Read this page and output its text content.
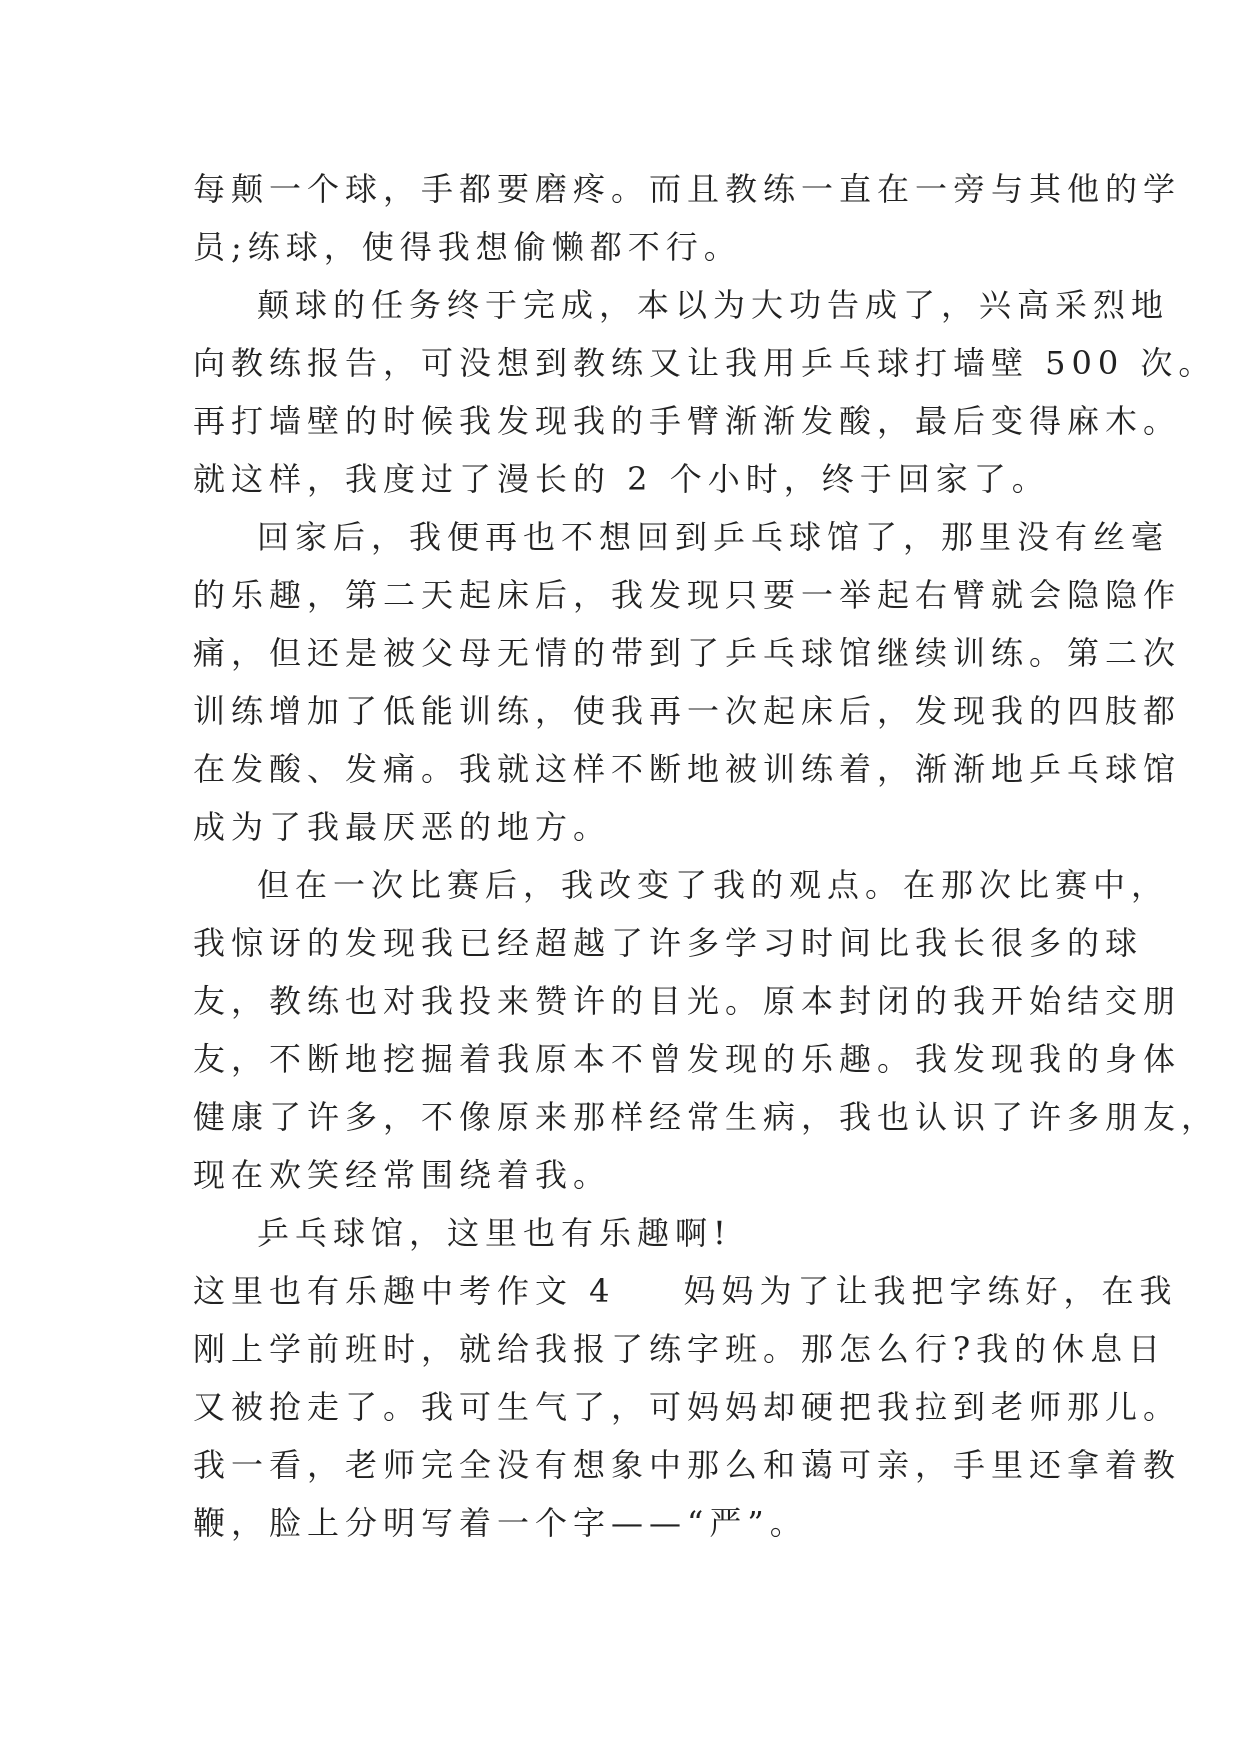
每颠一个球，手都要磨疼。而且教练一直在一旁与其他的学
员;练球，使得我想偷懒都不行。
颠球的任务终于完成，本以为大功告成了，兴高采烈地
向教练报告，可没想到教练又让我用乒乓球打墙壁 500 次。
再打墙壁的时候我发现我的手臂渐渐发酸，最后变得麻木。
就这样，我度过了漫长的 2 个小时，终于回家了。
回家后，我便再也不想回到乒乓球馆了，那里没有丝毫
的乐趣，第二天起床后，我发现只要一举起右臂就会隐隐作
痛，但还是被父母无情的带到了乒乓球馆继续训练。第二次
训练增加了低能训练，使我再一次起床后，发现我的四肢都
在发酸、发痛。我就这样不断地被训练着，渐渐地乒乓球馆
成为了我最厌恶的地方。
但在一次比赛后，我改变了我的观点。在那次比赛中，
我惊讶的发现我已经超越了许多学习时间比我长很多的球
友，教练也对我投来赞许的目光。原本封闭的我开始结交朋
友，不断地挖掘着我原本不曾发现的乐趣。我发现我的身体
健康了许多，不像原来那样经常生病，我也认识了许多朋友，
现在欢笑经常围绕着我。
乒乓球馆，这里也有乐趣啊!
这里也有乐趣中考作文 4 妈妈为了让我把字练好，在我
刚上学前班时，就给我报了练字班。那怎么行?我的休息日
又被抢走了。我可生气了，可妈妈却硬把我拉到老师那儿。
我一看，老师完全没有想象中那么和蔼可亲，手里还拿着教
鞭，脸上分明写着一个字——“严”。
